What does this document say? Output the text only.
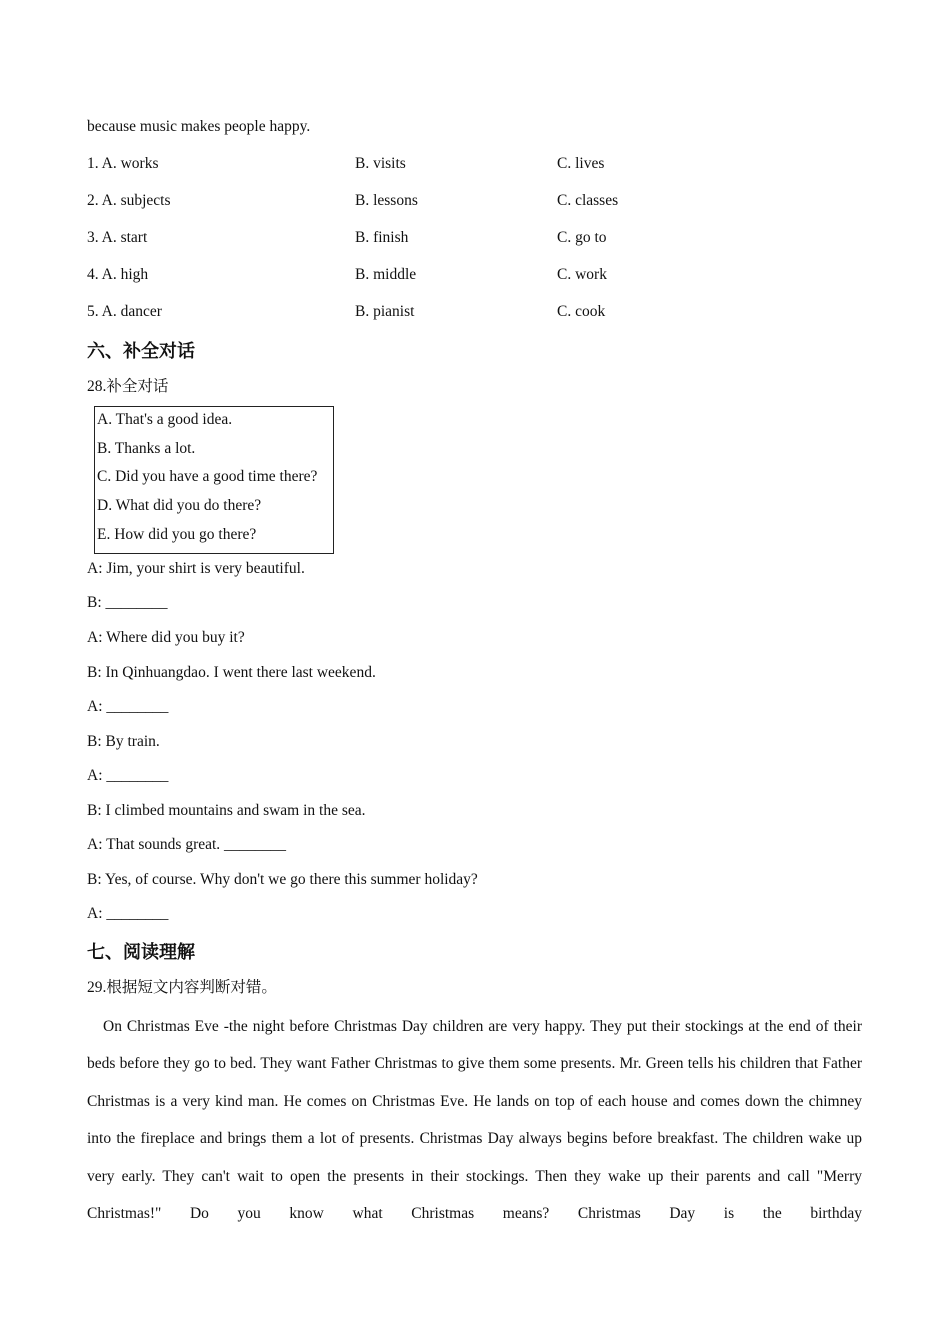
because music makes people happy.
1. A. works	B. visits	C. lives
2. A. subjects	B. lessons	C. classes
3. A. start	B. finish	C. go to
4. A. high	B. middle	C. work
5. A. dancer	B. pianist	C. cook
六、补全对话
28.补全对话
A. That's a good idea.
B. Thanks a lot.
C. Did you have a good time there?
D. What did you do there?
E. How did you go there?
A: Jim, your shirt is very beautiful.
B: ________
A: Where did you buy it?
B: In Qinhuangdao. I went there last weekend.
A: ________
B: By train.
A: ________
B: I climbed mountains and swam in the sea.
A: That sounds great. ________
B: Yes, of course. Why don't we go there this summer holiday?
A: ________
七、阅读理解
29.根据短文内容判断对错。

On Christmas Eve -the night before Christmas Day children are very happy. They put their stockings at the end of their beds before they go to bed. They want Father Christmas to give them some presents. Mr. Green tells his children that Father Christmas is a very kind man. He comes on Christmas Eve. He lands on top of each house and comes down the chimney into the fireplace and brings them a lot of presents. Christmas Day always begins before breakfast. The children wake up very early. They can't wait to open the presents in their stockings. Then they wake up their parents and call "Merry Christmas!" Do you know what Christmas means? Christmas Day is the birthday
